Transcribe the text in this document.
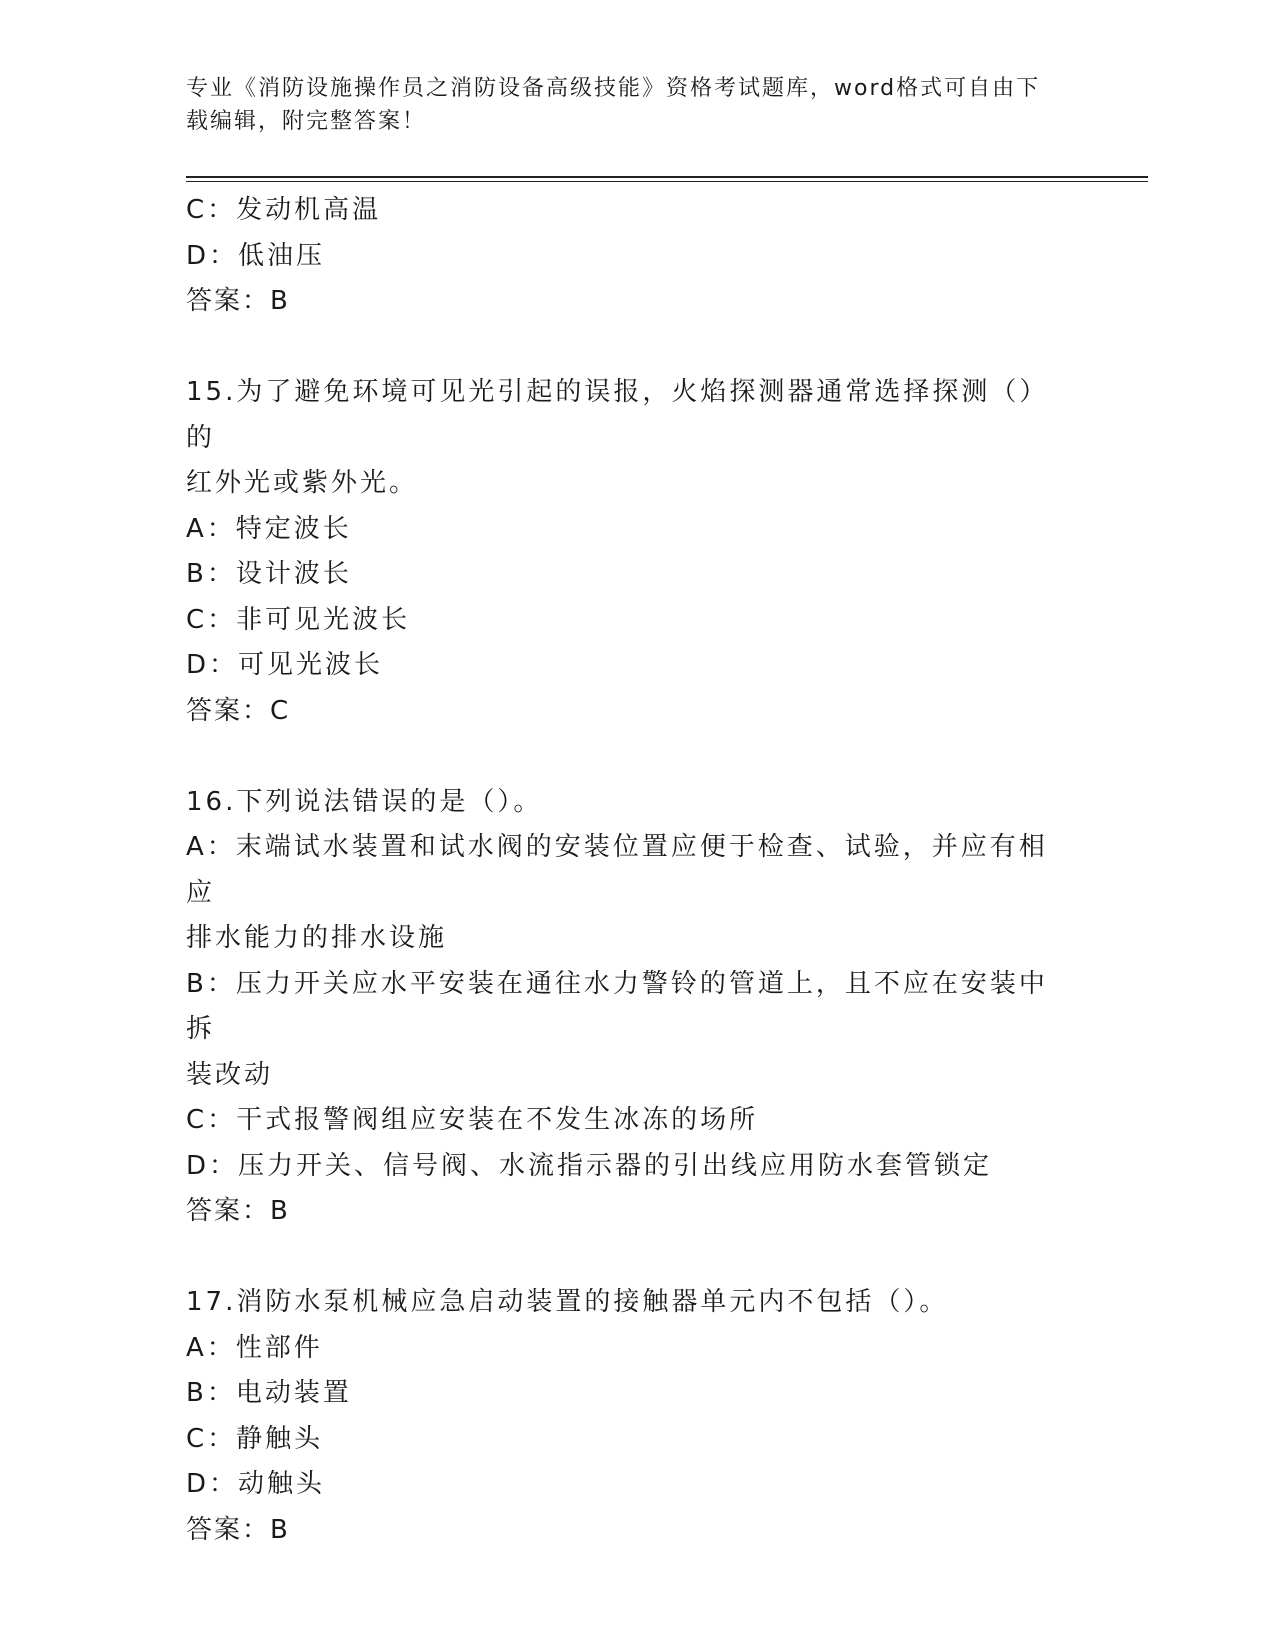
专业《消防设施操作员之消防设备高级技能》资格考试题库，word格式可自由下
载编辑，附完整答案！
C：发动机高温
D：低油压
答案：B
15.为了避免环境可见光引起的误报，火焰探测器通常选择探测（）的
红外光或紫外光。
A：特定波长
B：设计波长
C：非可见光波长
D：可见光波长
答案：C
16.下列说法错误的是（）。
A：末端试水装置和试水阀的安装位置应便于检查、试验，并应有相应
排水能力的排水设施
B：压力开关应水平安装在通往水力警铃的管道上，且不应在安装中拆
装改动
C：干式报警阀组应安装在不发生冰冻的场所
D：压力开关、信号阀、水流指示器的引出线应用防水套管锁定
答案：B
17.消防水泵机械应急启动装置的接触器单元内不包括（）。
A：性部件
B：电动装置
C：静触头
D：动触头
答案：B
